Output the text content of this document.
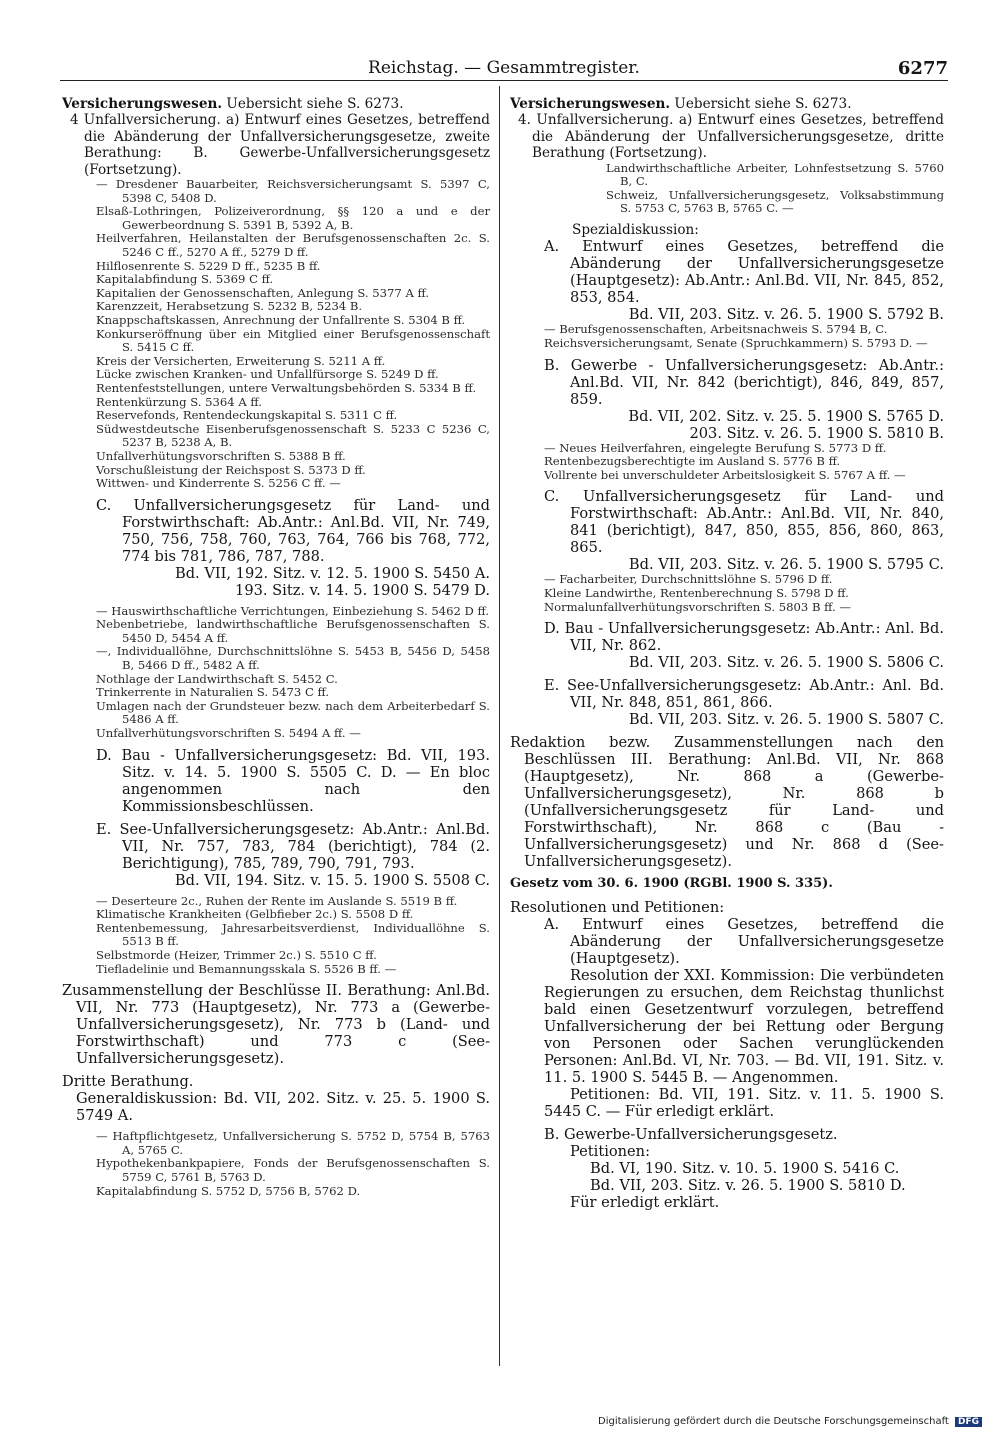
Reichstag. — Gesammtregister.	6277

Versicherungswesen. Uebersicht siehe S. 6273.

4 Unfallversicherung. a) Entwurf eines Gesetzes, betreffend die Abänderung der Unfallversicherungsgesetze, zweite Berathung: B. Gewerbe-Unfallversicherungsgesetz (Fortsetzung).

— Dresdener Bauarbeiter, Reichsversicherungsamt S. 5397 C, 5398 C, 5408 D.

Elsaß-Lothringen, Polizeiverordnung, §§ 120 a und e der Gewerbeordnung S. 5391 B, 5392 A, B.

Heilverfahren, Heilanstalten der Berufsgenossenschaften 2c. S. 5246 C ff., 5270 A ff., 5279 D ff.

Hilflosenrente S. 5229 D ff., 5235 B ff.

Kapitalabfindung S. 5369 C ff.

Kapitalien der Genossenschaften, Anlegung S. 5377 A ff.

Karenzzeit, Herabsetzung S. 5232 B, 5234 B.

Knappschaftskassen, Anrechnung der Unfallrente S. 5304 B ff.

Konkurseröffnung über ein Mitglied einer Berufsgenossenschaft S. 5415 C ff.

Kreis der Versicherten, Erweiterung S. 5211 A ff.

Lücke zwischen Kranken- und Unfallfürsorge S. 5249 D ff.

Rentenfeststellungen, untere Verwaltungsbehörden S. 5334 B ff.

Rentenkürzung S. 5364 A ff.

Reservefonds, Rentendeckungskapital S. 5311 C ff.

Südwestdeutsche Eisenberufsgenossenschaft S. 5233 C 5236 C, 5237 B, 5238 A, B.

Unfallverhütungsvorschriften S. 5388 B ff.

Vorschußleistung der Reichspost S. 5373 D ff.

Wittwen- und Kinderrente S. 5256 C ff. —

C. Unfallversicherungsgesetz für Land- und Forstwirthschaft: Ab.Antr.: Anl.Bd. VII, Nr. 749, 750, 756, 758, 760, 763, 764, 766 bis 768, 772, 774 bis 781, 786, 787, 788.

Bd. VII, 192. Sitz. v. 12. 5. 1900 S. 5450 A.

193. Sitz. v. 14. 5. 1900 S. 5479 D.

— Hauswirthschaftliche Verrichtungen, Einbeziehung S. 5462 D ff.

Nebenbetriebe, landwirthschaftliche Berufsgenossenschaften S. 5450 D, 5454 A ff.

—, Individuallöhne, Durchschnittslöhne S. 5453 B, 5456 D, 5458 B, 5466 D ff., 5482 A ff.

Nothlage der Landwirthschaft S. 5452 C.

Trinkerrente in Naturalien S. 5473 C ff.

Umlagen nach der Grundsteuer bezw. nach dem Arbeiterbedarf S. 5486 A ff.

Unfallverhütungsvorschriften S. 5494 A ff. —

D. Bau - Unfallversicherungsgesetz: Bd. VII, 193. Sitz. v. 14. 5. 1900 S. 5505 C. D. — En bloc angenommen nach den Kommissionsbeschlüssen.

E. See-Unfallversicherungsgesetz: Ab.Antr.: Anl.Bd. VII, Nr. 757, 783, 784 (berichtigt), 784 (2. Berichtigung), 785, 789, 790, 791, 793.

Bd. VII, 194. Sitz. v. 15. 5. 1900 S. 5508 C.

— Deserteure 2c., Ruhen der Rente im Auslande S. 5519 B ff.

Klimatische Krankheiten (Gelbfieber 2c.) S. 5508 D ff.

Rentenbemessung, Jahresarbeitsverdienst, Individuallöhne S. 5513 B ff.

Selbstmorde (Heizer, Trimmer 2c.) S. 5510 C ff.

Tiefladelinie und Bemannungsskala S. 5526 B ff. —

Zusammenstellung der Beschlüsse II. Berathung: Anl.Bd. VII, Nr. 773 (Hauptgesetz), Nr. 773 a (Gewerbe-Unfallversicherungsgesetz), Nr. 773 b (Land- und Forstwirthschaft) und 773 c (See-Unfallversicherungsgesetz).

Dritte Berathung.

Generaldiskussion: Bd. VII, 202. Sitz. v. 25. 5. 1900 S. 5749 A.

— Haftpflichtgesetz, Unfallversicherung S. 5752 D, 5754 B, 5763 A, 5765 C.

Hypothekenbankpapiere, Fonds der Berufsgenossenschaften S. 5759 C, 5761 B, 5763 D.

Kapitalabfindung S. 5752 D, 5756 B, 5762 D.

Versicherungswesen. Uebersicht siehe S. 6273.

4. Unfallversicherung. a) Entwurf eines Gesetzes, betreffend die Abänderung der Unfallversicherungsgesetze, dritte Berathung (Fortsetzung).

Landwirthschaftliche Arbeiter, Lohnfestsetzung S. 5760 B, C.

Schweiz, Unfallversicherungsgesetz, Volksabstimmung S. 5753 C, 5763 B, 5765 C. —

Spezialdiskussion:

A. Entwurf eines Gesetzes, betreffend die Abänderung der Unfallversicherungsgesetze (Hauptgesetz): Ab.Antr.: Anl.Bd. VII, Nr. 845, 852, 853, 854.

Bd. VII, 203. Sitz. v. 26. 5. 1900 S. 5792 B.

— Berufsgenossenschaften, Arbeitsnachweis S. 5794 B, C.

Reichsversicherungsamt, Senate (Spruchkammern) S. 5793 D. —

B. Gewerbe - Unfallversicherungsgesetz: Ab.Antr.: Anl.Bd. VII, Nr. 842 (berichtigt), 846, 849, 857, 859.

Bd. VII, 202. Sitz. v. 25. 5. 1900 S. 5765 D.

203. Sitz. v. 26. 5. 1900 S. 5810 B.

— Neues Heilverfahren, eingelegte Berufung S. 5773 D ff.

Rentenbezugsberechtigte im Ausland S. 5776 B ff.

Vollrente bei unverschuldeter Arbeitslosigkeit S. 5767 A ff. —

C. Unfallversicherungsgesetz für Land- und Forstwirthschaft: Ab.Antr.: Anl.Bd. VII, Nr. 840, 841 (berichtigt), 847, 850, 855, 856, 860, 863, 865.

Bd. VII, 203. Sitz. v. 26. 5. 1900 S. 5795 C.

— Facharbeiter, Durchschnittslöhne S. 5796 D ff.

Kleine Landwirthe, Rentenberechnung S. 5798 D ff.

Normalunfallverhütungsvorschriften S. 5803 B ff. —

D. Bau - Unfallversicherungsgesetz: Ab.Antr.: Anl. Bd. VII, Nr. 862.

Bd. VII, 203. Sitz. v. 26. 5. 1900 S. 5806 C.

E. See-Unfallversicherungsgesetz: Ab.Antr.: Anl. Bd. VII, Nr. 848, 851, 861, 866.

Bd. VII, 203. Sitz. v. 26. 5. 1900 S. 5807 C.

Redaktion bezw. Zusammenstellungen nach den Beschlüssen III. Berathung: Anl.Bd. VII, Nr. 868 (Hauptgesetz), Nr. 868 a (Gewerbe-Unfallversicherungsgesetz), Nr. 868 b (Unfallversicherungsgesetz für Land- und Forstwirthschaft), Nr. 868 c (Bau - Unfallversicherungsgesetz) und Nr. 868 d (See-Unfallversicherungsgesetz).

Gesetz vom 30. 6. 1900 (RGBl. 1900 S. 335).

Resolutionen und Petitionen:

A. Entwurf eines Gesetzes, betreffend die Abänderung der Unfallversicherungsgesetze (Hauptgesetz).

Resolution der XXI. Kommission: Die verbündeten Regierungen zu ersuchen, dem Reichstag thunlichst bald einen Gesetzentwurf vorzulegen, betreffend Unfallversicherung der bei Rettung oder Bergung von Personen oder Sachen verunglückenden Personen: Anl.Bd. VI, Nr. 703. — Bd. VII, 191. Sitz. v. 11. 5. 1900 S. 5445 B. — Angenommen.

Petitionen: Bd. VII, 191. Sitz. v. 11. 5. 1900 S. 5445 C. — Für erledigt erklärt.

B. Gewerbe-Unfallversicherungsgesetz.

Petitionen:

Bd. VI, 190. Sitz. v. 10. 5. 1900 S. 5416 C.

Bd. VII, 203. Sitz. v. 26. 5. 1900 S. 5810 D.

Für erledigt erklärt.

Digitalisierung gefördert durch die Deutsche Forschungsgemeinschaft DFG
